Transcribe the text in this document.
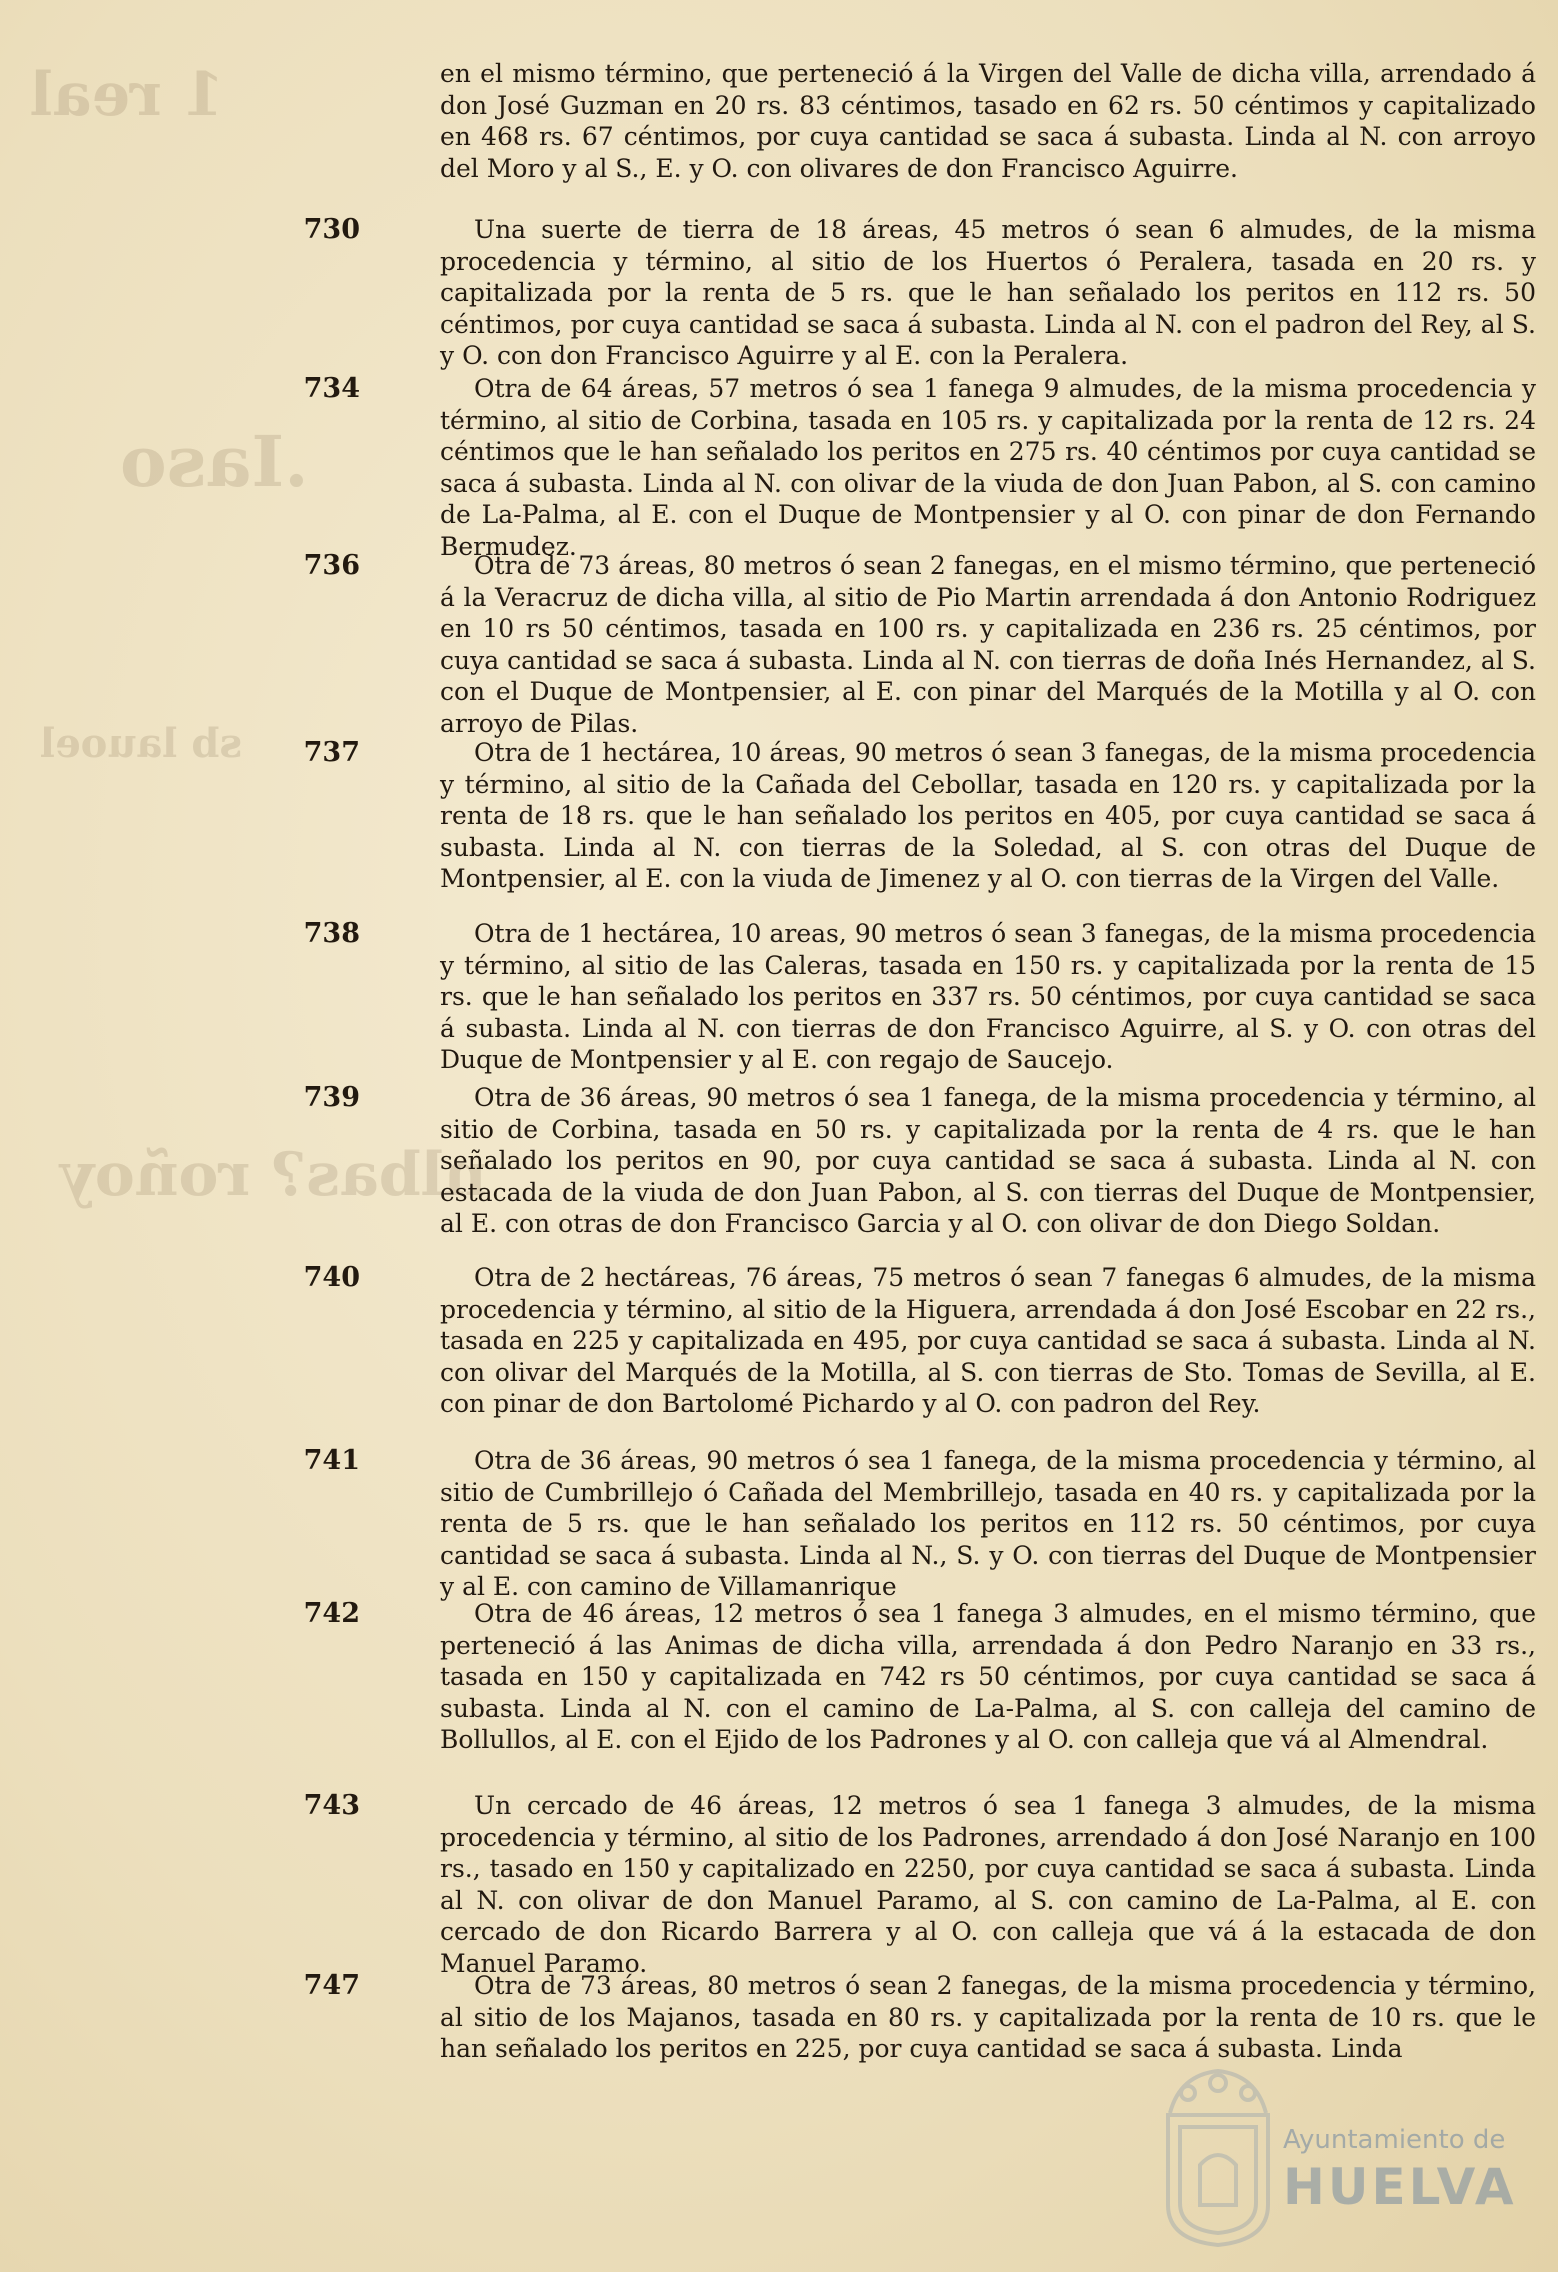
en el mismo término, que perteneció á la Virgen del Valle de dicha villa, arrendado á don José Guzman en 20 rs. 83 céntimos, tasado en 62 rs. 50 céntimos y capitalizado en 468 rs. 67 céntimos, por cuya cantidad se saca á subasta. Linda al N. con arroyo del Moro y al S., E. y O. con olivares de don Francisco Aguirre.
730	Una suerte de tierra de 18 áreas, 45 metros ó sean 6 almudes, de la misma procedencia y término, al sitio de los Huertos ó Peralera, tasada en 20 rs. y capitalizada por la renta de 5 rs. que le han señalado los peritos en 112 rs. 50 céntimos, por cuya cantidad se saca á subasta. Linda al N. con el padron del Rey, al S. y O. con don Francisco Aguirre y al E. con la Peralera.
734	Otra de 64 áreas, 57 metros ó sea 1 fanega 9 almudes, de la misma procedencia y término, al sitio de Corbina, tasada en 105 rs. y capitalizada por la renta de 12 rs. 24 céntimos que le han señalado los peritos en 275 rs. 40 céntimos por cuya cantidad se saca á subasta. Linda al N. con olivar de la viuda de don Juan Pabon, al S. con camino de La-Palma, al E. con el Duque de Montpensier y al O. con pinar de don Fernando Bermudez.
736	Otra de 73 áreas, 80 metros ó sean 2 fanegas, en el mismo término, que perteneció á la Veracruz de dicha villa, al sitio de Pio Martin arrendada á don Antonio Rodriguez en 10 rs 50 céntimos, tasada en 100 rs. y capitalizada en 236 rs. 25 céntimos, por cuya cantidad se saca á subasta. Linda al N. con tierras de doña Inés Hernandez, al S. con el Duque de Montpensier, al E. con pinar del Marqués de la Motilla y al O. con arroyo de Pilas.
737	Otra de 1 hectárea, 10 áreas, 90 metros ó sean 3 fanegas, de la misma procedencia y término, al sitio de la Cañada del Cebollar, tasada en 120 rs. y capitalizada por la renta de 18 rs. que le han señalado los peritos en 405, por cuya cantidad se saca á subasta. Linda al N. con tierras de la Soledad, al S. con otras del Duque de Montpensier, al E. con la viuda de Jimenez y al O. con tierras de la Virgen del Valle.
738	Otra de 1 hectárea, 10 areas, 90 metros ó sean 3 fanegas, de la misma procedencia y término, al sitio de las Caleras, tasada en 150 rs. y capitalizada por la renta de 15 rs. que le han señalado los peritos en 337 rs. 50 céntimos, por cuya cantidad se saca á subasta. Linda al N. con tierras de don Francisco Aguirre, al S. y O. con otras del Duque de Montpensier y al E. con regajo de Saucejo.
739	Otra de 36 áreas, 90 metros ó sea 1 fanega, de la misma procedencia y término, al sitio de Corbina, tasada en 50 rs. y capitalizada por la renta de 4 rs. que le han señalado los peritos en 90, por cuya cantidad se saca á subasta. Linda al N. con estacada de la viuda de don Juan Pabon, al S. con tierras del Duque de Montpensier, al E. con otras de don Francisco Garcia y al O. con olivar de don Diego Soldan.
740	Otra de 2 hectáreas, 76 áreas, 75 metros ó sean 7 fanegas 6 almudes, de la misma procedencia y término, al sitio de la Higuera, arrendada á don José Escobar en 22 rs., tasada en 225 y capitalizada en 495, por cuya cantidad se saca á subasta. Linda al N. con olivar del Marqués de la Motilla, al S. con tierras de Sto. Tomas de Sevilla, al E. con pinar de don Bartolomé Pichardo y al O. con padron del Rey.
741	Otra de 36 áreas, 90 metros ó sea 1 fanega, de la misma procedencia y término, al sitio de Cumbrillejo ó Cañada del Membrillejo, tasada en 40 rs. y capitalizada por la renta de 5 rs. que le han señalado los peritos en 112 rs. 50 céntimos, por cuya cantidad se saca á subasta. Linda al N., S. y O. con tierras del Duque de Montpensier y al E. con camino de Villamanrique
742	Otra de 46 áreas, 12 metros ó sea 1 fanega 3 almudes, en el mismo término, que perteneció á las Animas de dicha villa, arrendada á don Pedro Naranjo en 33 rs., tasada en 150 y capitalizada en 742 rs 50 céntimos, por cuya cantidad se saca á subasta. Linda al N. con el camino de La-Palma, al S. con calleja del camino de Bollullos, al E. con el Ejido de los Padrones y al O. con calleja que vá al Almendral.
743	Un cercado de 46 áreas, 12 metros ó sea 1 fanega 3 almudes, de la misma procedencia y término, al sitio de los Padrones, arrendado á don José Naranjo en 100 rs., tasado en 150 y capitalizado en 2250, por cuya cantidad se saca á subasta. Linda al N. con olivar de don Manuel Paramo, al S. con camino de La-Palma, al E. con cercado de don Ricardo Barrera y al O. con calleja que vá á la estacada de don Manuel Paramo.
747	Otra de 73 áreas, 80 metros ó sean 2 fanegas, de la misma procedencia y término, al sitio de los Majanos, tasada en 80 rs. y capitalizada por la renta de 10 rs. que le han señalado los peritos en 225, por cuya cantidad se saca á subasta. Linda
Ayuntamiento de
HUELVA
